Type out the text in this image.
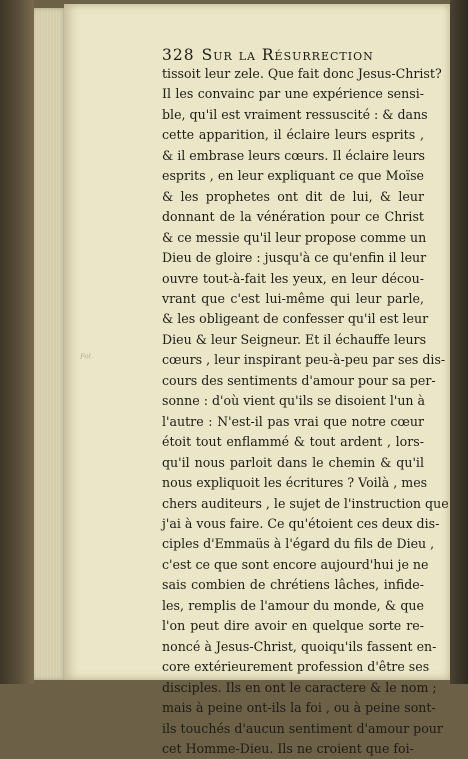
Fol.
328 Sur la Résurrection
tissoit leur zele. Que fait donc Jesus-Christ?
Il les convainc par une expérience sensi-
ble, qu'il est vraiment ressuscité : & dans
cette apparition, il éclaire leurs esprits ,
& il embrase leurs cœurs. Il éclaire leurs
esprits , en leur expliquant ce que Moïse
& les prophetes ont dit de lui, & leur
donnant de la vénération pour ce Christ
& ce messie qu'il leur propose comme un
Dieu de gloire : jusqu'à ce qu'enfin il leur
ouvre tout-à-fait les yeux, en leur décou-
vrant que c'est lui-même qui leur parle,
& les obligeant de confesser qu'il est leur
Dieu & leur Seigneur. Et il échauffe leurs
cœurs , leur inspirant peu-à-peu par ses dis-
cours des sentiments d'amour pour sa per-
sonne : d'où vient qu'ils se disoient l'un à
l'autre : N'est-il pas vrai que notre cœur
étoit tout enflammé & tout ardent , lors-
qu'il nous parloit dans le chemin & qu'il
nous expliquoit les écritures ? Voilà , mes
chers auditeurs , le sujet de l'instruction que
j'ai à vous faire. Ce qu'étoient ces deux dis-
ciples d'Emmaüs à l'égard du fils de Dieu ,
c'est ce que sont encore aujourd'hui je ne
sais combien de chrétiens lâches, infide-
les, remplis de l'amour du monde, & que
l'on peut dire avoir en quelque sorte re-
noncé à Jesus-Christ, quoiqu'ils fassent en-
core extérieurement profession d'être ses
disciples. Ils en ont le caractere & le nom ;
mais à peine ont-ils la foi , ou à peine sont-
ils touchés d'aucun sentiment d'amour pour
cet Homme-Dieu. Ils ne croient que foi-
